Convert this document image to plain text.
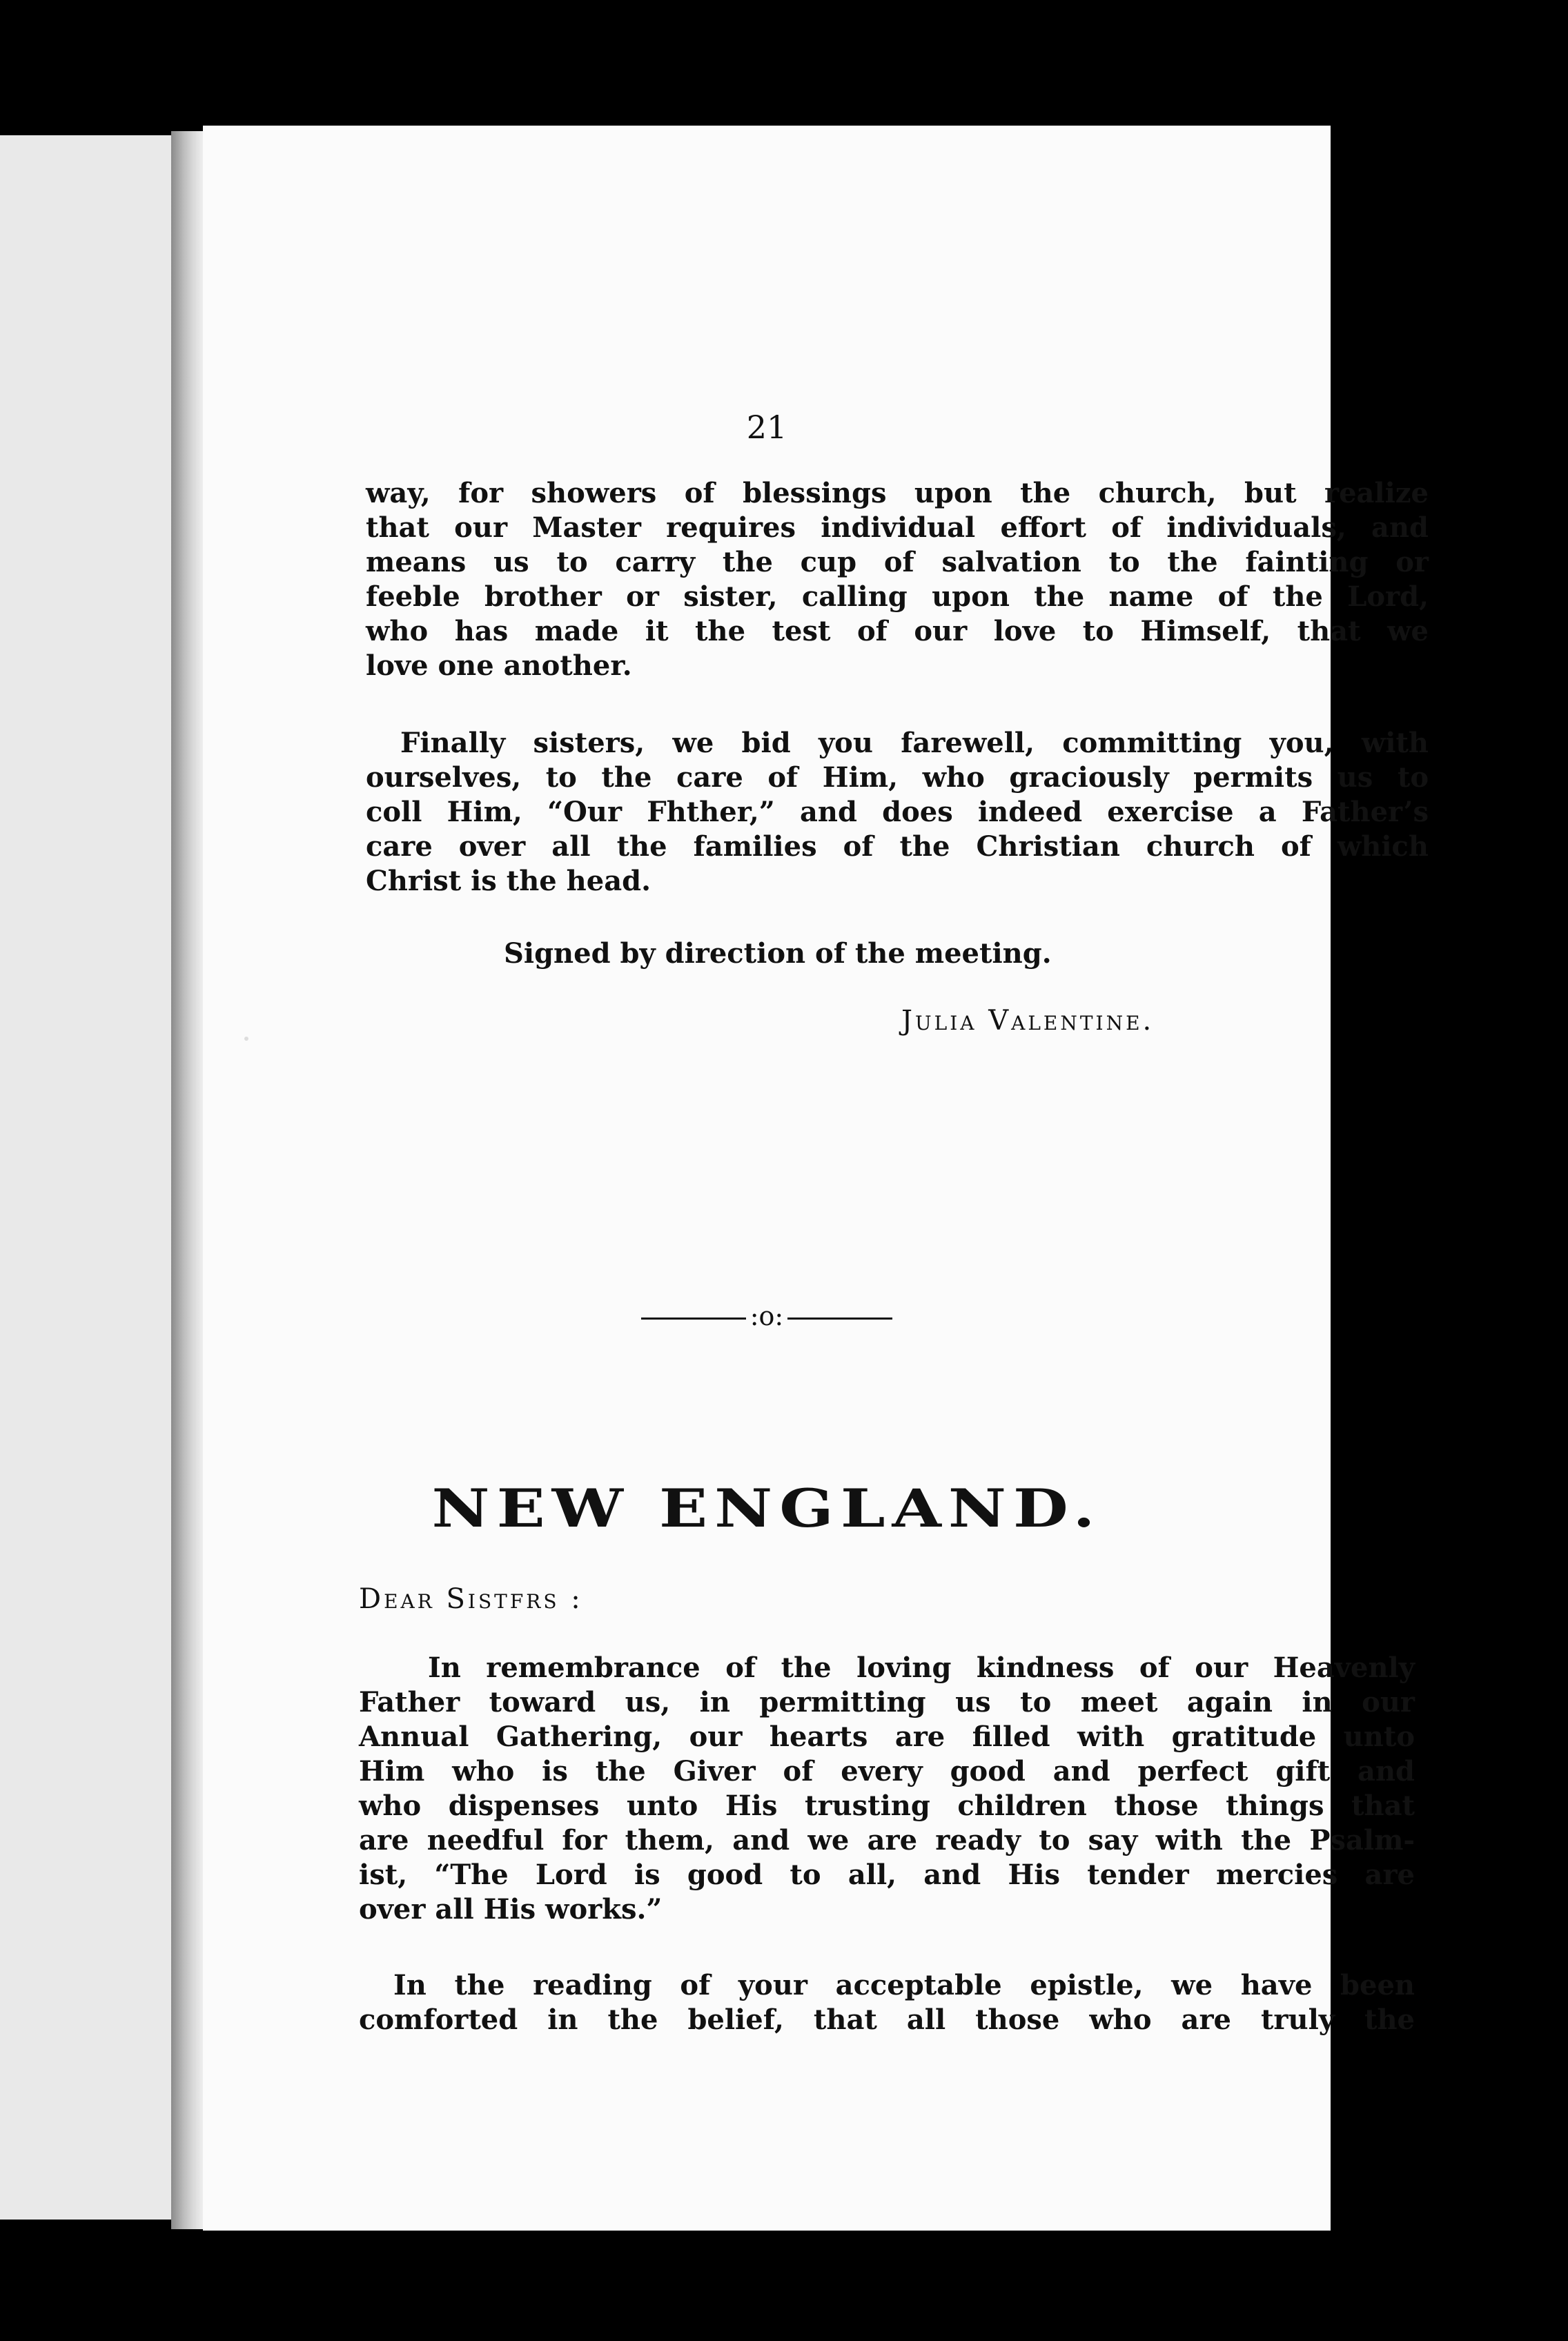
21
way, for showers of blessings upon the church, but realize
that our Master requires individual effort of individuals, and
means us to carry the cup of salvation to the fainting or
feeble brother or sister, calling upon the name of the Lord,
who has made it the test of our love to Himself, that we
love one another.
Finally sisters, we bid you farewell, committing you, with
ourselves, to the care of Him, who graciously permits us to
coll Him, “Our Fhther,” and does indeed exercise a Father’s
care over all the families of the Christian church of which
Christ is the head.
Signed by direction of the meeting.
Julia Valentine.
:o:
NEW ENGLAND.
Dear Sistfrs :
In remembrance of the loving kindness of our Heavenly
Father toward us, in permitting us to meet again in our
Annual Gathering, our hearts are filled with gratitude unto
Him who is the Giver of every good and perfect gift and
who dispenses unto His trusting children those things that
are needful for them, and we are ready to say with the Psalm-
ist, “The Lord is good to all, and His tender mercies are
over all His works.”
In the reading of your acceptable epistle, we have been
comforted in the belief, that all those who are truly the
